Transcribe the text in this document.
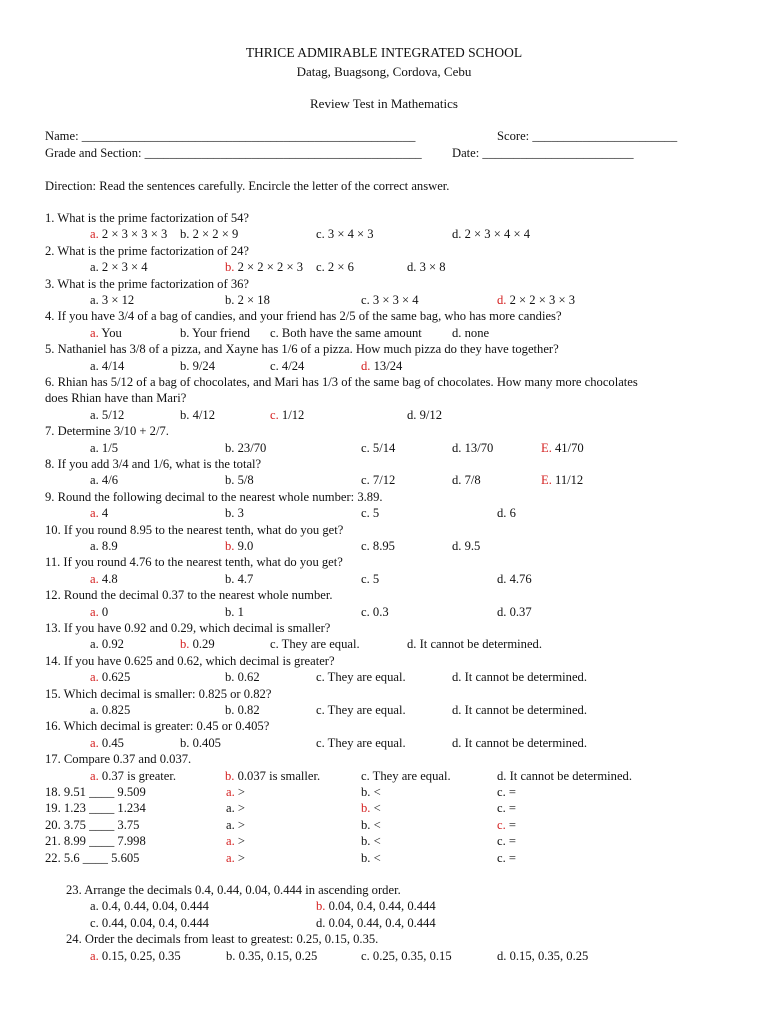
THRICE ADMIRABLE INTEGRATED SCHOOL
Datag, Buagsong, Cordova, Cebu
Review Test in Mathematics
Name: _____________________________________________________	Score: _______________________
Grade and Section: ____________________________________________ Date: ________________________
Direction: Read the sentences carefully. Encircle the letter of the correct answer.
1. What is the prime factorization of 54?
a. 2 × 3 × 3 × 3 b. 2 × 2 × 9	c. 3 × 4 × 3	d. 2 × 3 × 4 × 4
2. What is the prime factorization of 24?
a. 2 × 3 × 4	b. 2 × 2 × 2 × 3 c. 2 × 6	d. 3 × 8
3. What is the prime factorization of 36?
a. 3 × 12	b. 2 × 18	c. 3 × 3 × 4	d. 2 × 2 × 3 × 3
4. If you have 3/4 of a bag of candies, and your friend has 2/5 of the same bag, who has more candies?
a. You	b. Your friend c. Both have the same amount d. none
5. Nathaniel has 3/8 of a pizza, and Xayne has 1/6 of a pizza. How much pizza do they have together?
a. 4/14	b. 9/24	c. 4/24	d. 13/24
6. Rhian has 5/12 of a bag of chocolates, and Mari has 1/3 of the same bag of chocolates. How many more chocolates
does Rhian have than Mari?
a. 5/12	b. 4/12	c. 1/12	d. 9/12
7. Determine 3/10 + 2/7.
a. 1/5	b. 23/70	c. 5/14	d. 13/70	E. 41/70
8. If you add 3/4 and 1/6, what is the total?
a. 4/6	b. 5/8	c. 7/12	d. 7/8	E. 11/12
9. Round the following decimal to the nearest whole number: 3.89.
a. 4	b. 3	c. 5	d. 6
10. If you round 8.95 to the nearest tenth, what do you get?
a. 8.9	b. 9.0	c. 8.95	d. 9.5
11. If you round 4.76 to the nearest tenth, what do you get?
a. 4.8	b. 4.7	c. 5	d. 4.76
12. Round the decimal 0.37 to the nearest whole number.
a. 0	b. 1	c. 0.3	d. 0.37
13. If you have 0.92 and 0.29, which decimal is smaller?
a. 0.92	b. 0.29	c. They are equal.	d. It cannot be determined.
14. If you have 0.625 and 0.62, which decimal is greater?
a. 0.625	b. 0.62	c. They are equal.	d. It cannot be determined.
15. Which decimal is smaller: 0.825 or 0.82?
a. 0.825	b. 0.82	c. They are equal.	d. It cannot be determined.
16. Which decimal is greater: 0.45 or 0.405?
a. 0.45	b. 0.405	c. They are equal.	d. It cannot be determined.
17. Compare 0.37 and 0.037.
a. 0.37 is greater.	b. 0.037 is smaller.	c. They are equal.	d. It cannot be determined.
18. 9.51 ____ 9.509	a. >	b. <	c. =
19. 1.23 ____ 1.234	a. >	b. <	c. =
20. 3.75 ____ 3.75	a. >	b. <	c. =
21. 8.99 ____ 7.998	a. >	b. <	c. =
22. 5.6 ____ 5.605	a. >	b. <	c. =
23. Arrange the decimals 0.4, 0.44, 0.04, 0.444 in ascending order.
a. 0.4, 0.44, 0.04, 0.444	b. 0.04, 0.4, 0.44, 0.444
c. 0.44, 0.04, 0.4, 0.444	d. 0.04, 0.44, 0.4, 0.444
24. Order the decimals from least to greatest: 0.25, 0.15, 0.35.
a. 0.15, 0.25, 0.35	b. 0.35, 0.15, 0.25	c. 0.25, 0.35, 0.15	d. 0.15, 0.35, 0.25
